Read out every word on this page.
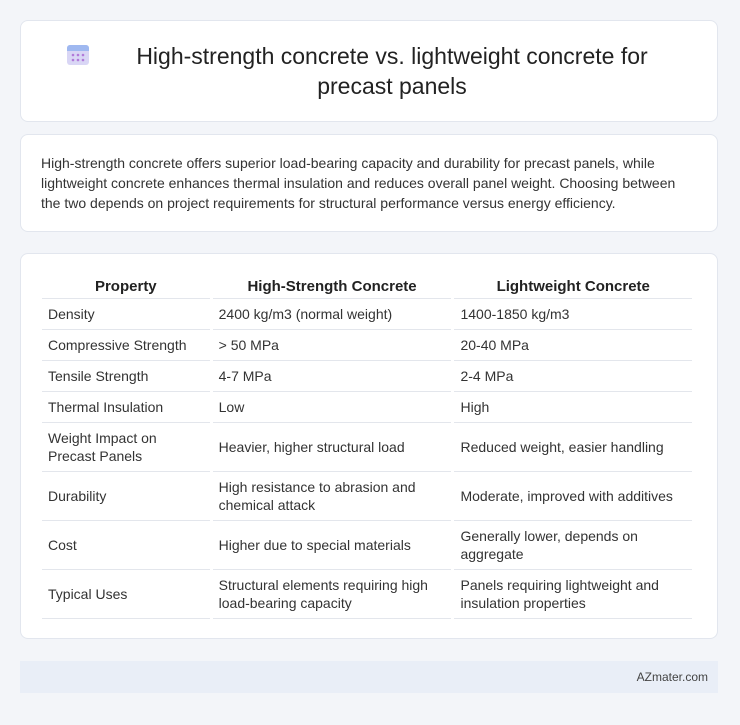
High-strength concrete vs. lightweight concrete for precast panels

High-strength concrete offers superior load-bearing capacity and durability for precast panels, while lightweight concrete enhances thermal insulation and reduces overall panel weight. Choosing between the two depends on project requirements for structural performance versus energy efficiency.

Property	High-Strength Concrete	Lightweight Concrete
Density	2400 kg/m3 (normal weight)	1400-1850 kg/m3
Compressive Strength	> 50 MPa	20-40 MPa
Tensile Strength	4-7 MPa	2-4 MPa
Thermal Insulation	Low	High
Weight Impact on Precast Panels	Heavier, higher structural load	Reduced weight, easier handling
Durability	High resistance to abrasion and chemical attack	Moderate, improved with additives
Cost	Higher due to special materials	Generally lower, depends on aggregate
Typical Uses	Structural elements requiring high load-bearing capacity	Panels requiring lightweight and insulation properties
AZmater.com
